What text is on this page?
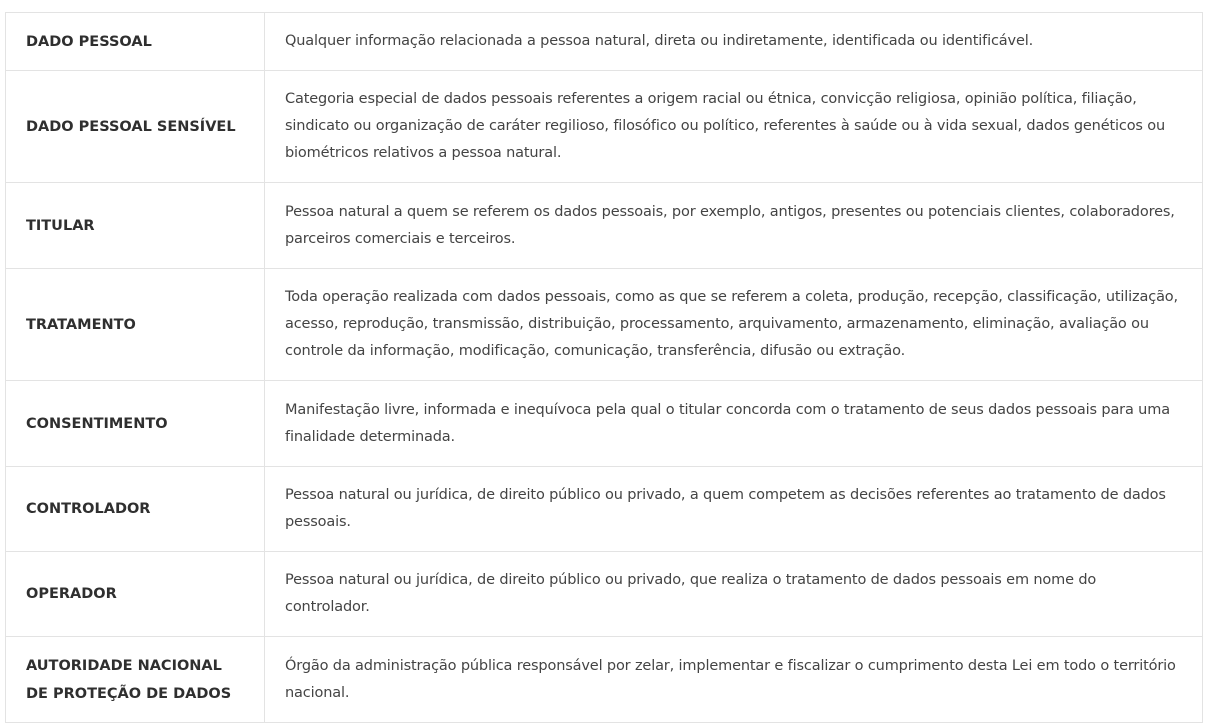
DADO PESSOAL	Qualquer informação relacionada a pessoa natural, direta ou indiretamente, identificada ou identificável.
DADO PESSOAL SENSÍVEL	Categoria especial de dados pessoais referentes a origem racial ou étnica, convicção religiosa, opinião política, filiação, sindicato ou organização de caráter regilioso, filosófico ou político, referentes à saúde ou à vida sexual, dados genéticos ou biométricos relativos a pessoa natural.
TITULAR	Pessoa natural a quem se referem os dados pessoais, por exemplo, antigos, presentes ou potenciais clientes, colaboradores, parceiros comerciais e terceiros.
TRATAMENTO	Toda operação realizada com dados pessoais, como as que se referem a coleta, produção, recepção, classificação, utilização, acesso, reprodução, transmissão, distribuição, processamento, arquivamento, armazenamento, eliminação, avaliação ou controle da informação, modificação, comunicação, transferência, difusão ou extração.
CONSENTIMENTO	Manifestação livre, informada e inequívoca pela qual o titular concorda com o tratamento de seus dados pessoais para uma finalidade determinada.
CONTROLADOR	Pessoa natural ou jurídica, de direito público ou privado, a quem competem as decisões referentes ao tratamento de dados pessoais.
OPERADOR	Pessoa natural ou jurídica, de direito público ou privado, que realiza o tratamento de dados pessoais em nome do controlador.
AUTORIDADE NACIONAL DE PROTEÇÃO DE DADOS	Órgão da administração pública responsável por zelar, implementar e fiscalizar o cumprimento desta Lei em todo o território nacional.
